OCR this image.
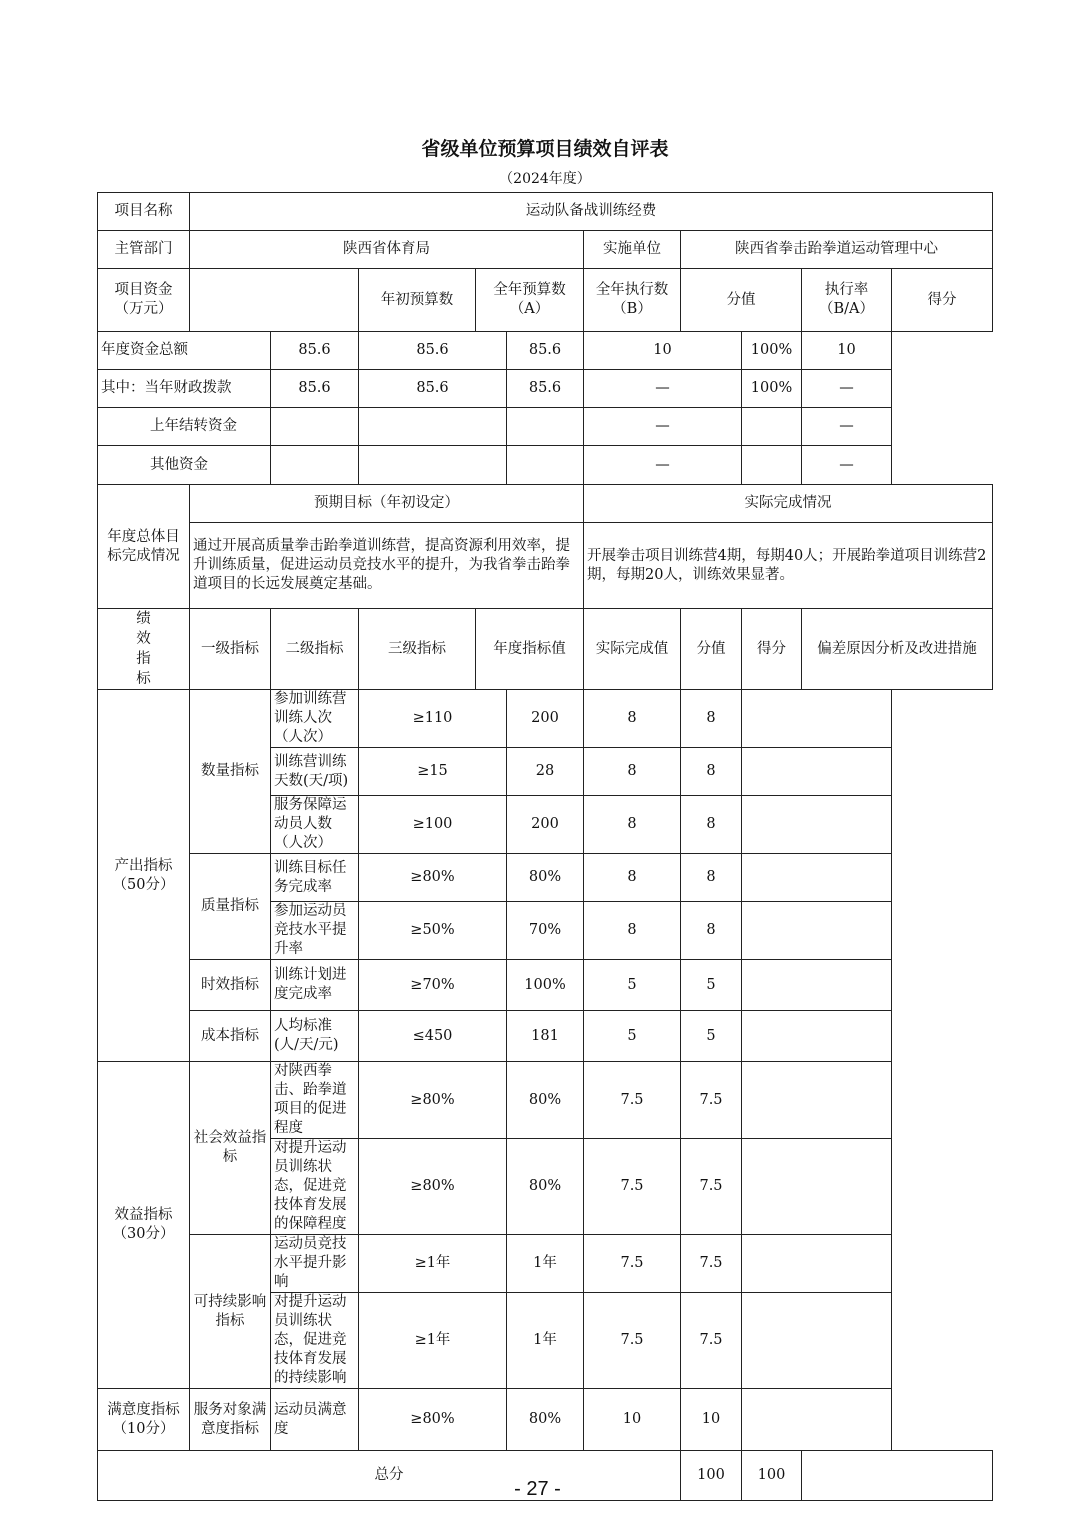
省级单位预算项目绩效自评表
（2024年度）
项目名称	运动队备战训练经费									
主管部门	陕西省体育局					实施单位	陕西省拳击跆拳道运动管理中心			
项目资金（万元）			年初预算数	全年预算数（A）		全年执行数（B）	分值		执行率（B/A）	得分
年度资金总额		85.6	85.6		85.6	10		100%	10	
其中：当年财政拨款		85.6	85.6		85.6	—		100%	—	
上年结转资金						—			—	
其他资金						—			—	
年度总体目标完成情况	预期目标（年初设定）					实际完成情况				
	通过开展高质量拳击跆拳道训练营，提高资源利用效率，提升训练质量，促进运动员竞技水平的提升，为我省拳击跆拳道项目的长远发展奠定基础。					开展拳击项目训练营4期，每期40人；开展跆拳道项目训练营2期，每期20人，训练效果显著。				
绩效指标	一级指标	二级指标	三级指标	年度指标值		实际完成值	分值	得分	偏差原因分析及改进措施	
产出指标（50分）	数量指标	参加训练营训练人次 （人次）	≥110		200	8	8			
		训练营训练天数(天/项)	≥15		28	8	8			
		服务保障运动员人数 （人次）	≥100		200	8	8			
	质量指标	训练目标任务完成率	≥80%		80%	8	8			
		参加运动员竞技水平提升率	≥50%		70%	8	8			
	时效指标	训练计划进度完成率	≥70%		100%	5	5			
	成本指标	人均标准(人/天/元)	≤450		181	5	5			
效益指标（30分）	社会效益指标	对陕西拳击、跆拳道项目的促进程度	≥80%		80%	7.5	7.5			
		对提升运动员训练状态，促进竞技体育发展的保障程度	≥80%		80%	7.5	7.5			
	可持续影响指标	运动员竞技水平提升影响	≥1年		1年	7.5	7.5			
		对提升运动员训练状态，促进竞技体育发展的持续影响	≥1年		1年	7.5	7.5			
满意度指标（10分）	服务对象满意度指标	运动员满意度	≥80%		80%	10	10			
总分							100	100		
- 27 -
